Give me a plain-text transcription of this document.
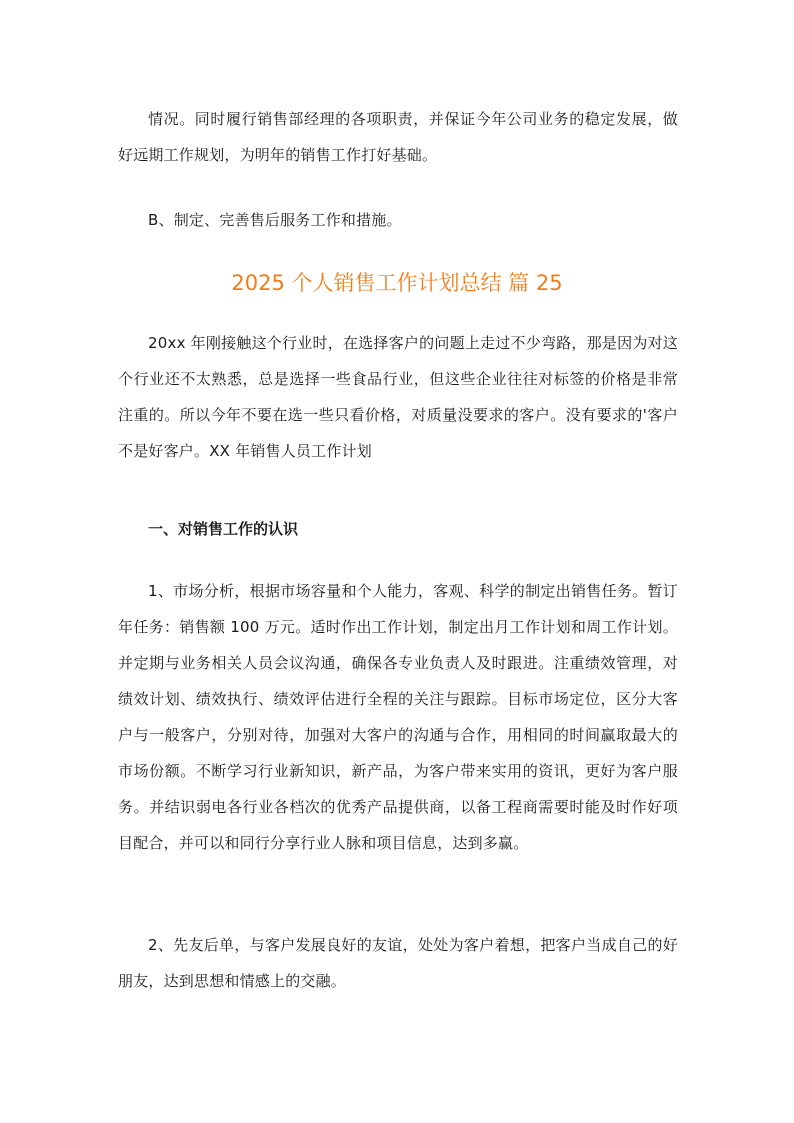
情况。同时履行销售部经理的各项职责，并保证今年公司业务的稳定发展，做好远期工作规划，为明年的销售工作打好基础。

B、制定、完善售后服务工作和措施。

2025 个人销售工作计划总结 篇 25

20xx 年刚接触这个行业时，在选择客户的问题上走过不少弯路，那是因为对这个行业还不太熟悉，总是选择一些食品行业，但这些企业往往对标签的价格是非常注重的。所以今年不要在选一些只看价格，对质量没要求的客户。没有要求的'客户不是好客户。XX 年销售人员工作计划

一、对销售工作的认识

1、市场分析，根据市场容量和个人能力，客观、科学的制定出销售任务。暂订年任务：销售额 100 万元。适时作出工作计划，制定出月工作计划和周工作计划。并定期与业务相关人员会议沟通，确保各专业负责人及时跟进。注重绩效管理，对绩效计划、绩效执行、绩效评估进行全程的关注与跟踪。目标市场定位，区分大客户与一般客户，分别对待，加强对大客户的沟通与合作，用相同的时间赢取最大的市场份额。不断学习行业新知识，新产品，为客户带来实用的资讯，更好为客户服务。并结识弱电各行业各档次的优秀产品提供商，以备工程商需要时能及时作好项目配合，并可以和同行分享行业人脉和项目信息，达到多赢。

2、先友后单，与客户发展良好的友谊，处处为客户着想，把客户当成自己的好朋友，达到思想和情感上的交融。
